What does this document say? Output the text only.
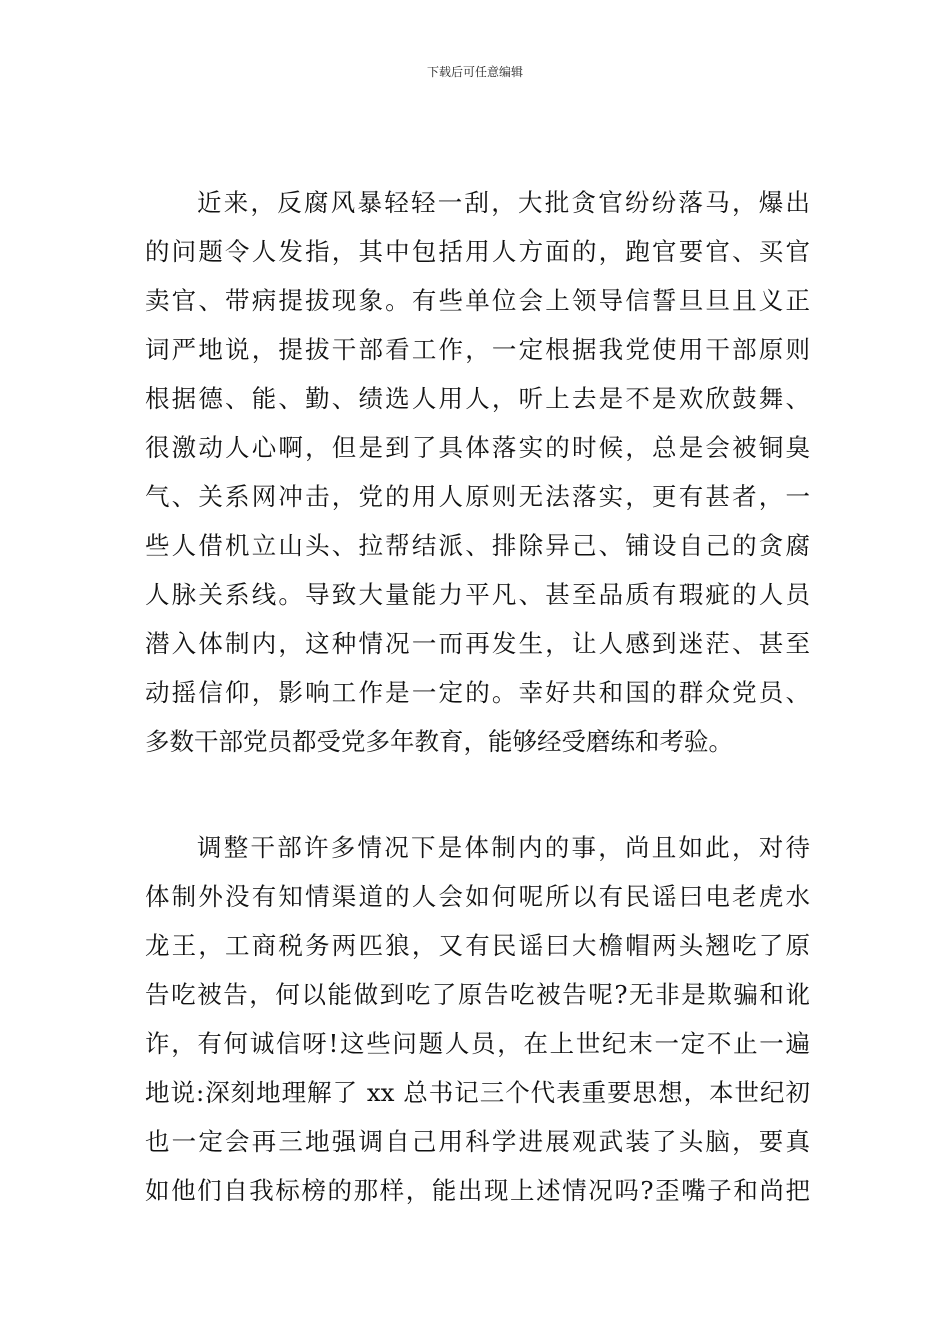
下载后可任意编辑
近来，反腐风暴轻轻一刮，大批贪官纷纷落马，爆出
的问题令人发指，其中包括用人方面的，跑官要官、买官
卖官、带病提拔现象。有些单位会上领导信誓旦旦且义正
词严地说，提拔干部看工作，一定根据我党使用干部原则
根据德、能、勤、绩选人用人，听上去是不是欢欣鼓舞、
很激动人心啊，但是到了具体落实的时候，总是会被铜臭
气、关系网冲击，党的用人原则无法落实，更有甚者，一
些人借机立山头、拉帮结派、排除异己、铺设自己的贪腐
人脉关系线。导致大量能力平凡、甚至品质有瑕疵的人员
潜入体制内，这种情况一而再发生，让人感到迷茫、甚至
动摇信仰，影响工作是一定的。幸好共和国的群众党员、
多数干部党员都受党多年教育，能够经受磨练和考验。
调整干部许多情况下是体制内的事，尚且如此，对待
体制外没有知情渠道的人会如何呢所以有民谣曰电老虎水
龙王，工商税务两匹狼，又有民谣曰大檐帽两头翘吃了原
告吃被告，何以能做到吃了原告吃被告呢?无非是欺骗和讹
诈，有何诚信呀!这些问题人员，在上世纪末一定不止一遍
地说:深刻地理解了 xx 总书记三个代表重要思想，本世纪初
也一定会再三地强调自己用科学进展观武装了头脑，要真
如他们自我标榜的那样，能出现上述情况吗?歪嘴子和尚把
